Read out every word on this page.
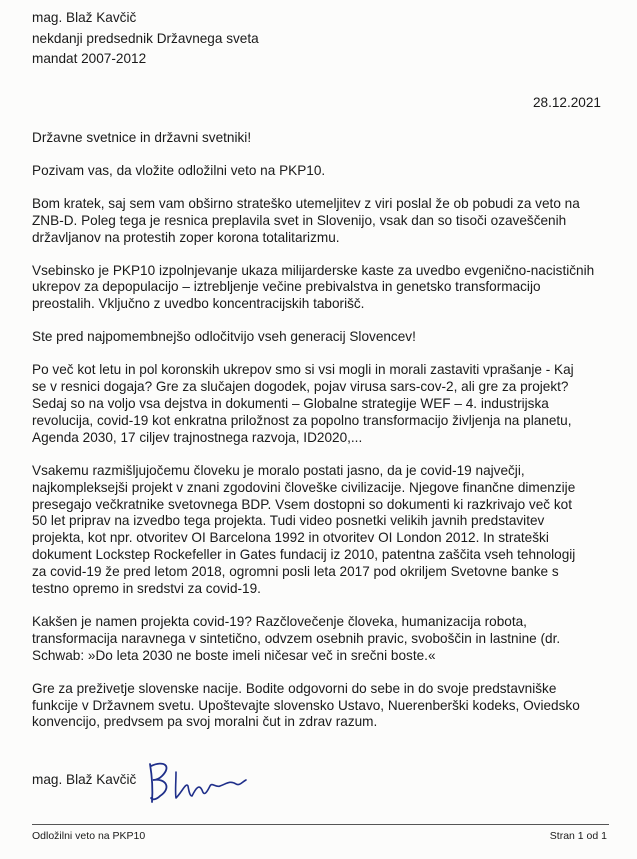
mag. Blaž Kavčič
nekdanji predsednik Državnega sveta
mandat 2007-2012
28.12.2021

Državne svetnice in državni svetniki!

Pozivam vas, da vložite odložilni veto na PKP10.

Bom kratek, saj sem vam obširno strateško utemeljitev z viri poslal že ob pobudi za veto na
ZNB-D. Poleg tega je resnica preplavila svet in Slovenijo, vsak dan so tisoči ozaveščenih
državljanov na protestih zoper korona totalitarizmu.

Vsebinsko je PKP10 izpolnjevanje ukaza milijarderske kaste za uvedbo evgenično-nacističnih
ukrepov za depopulacijo – iztrebljenje večine prebivalstva in genetsko transformacijo
preostalih. Vključno z uvedbo koncentracijskih taborišč.

Ste pred najpomembnejšo odločitvijo vseh generacij Slovencev!

Po več kot letu in pol koronskih ukrepov smo si vsi mogli in morali zastaviti vprašanje - Kaj
se v resnici dogaja? Gre za slučajen dogodek, pojav virusa sars-cov-2, ali gre za projekt?
Sedaj so na voljo vsa dejstva in dokumenti – Globalne strategije WEF – 4. industrijska
revolucija, covid-19 kot enkratna priložnost za popolno transformacijo življenja na planetu,
Agenda 2030, 17 ciljev trajnostnega razvoja, ID2020,...

Vsakemu razmišljujočemu človeku je moralo postati jasno, da je covid-19 največji,
najkompleksejši projekt v znani zgodovini človeške civilizacije. Njegove finančne dimenzije
presegajo večkratnike svetovnega BDP. Vsem dostopni so dokumenti ki razkrivajo več kot
50 let priprav na izvedbo tega projekta. Tudi video posnetki velikih javnih predstavitev
projekta, kot npr. otvoritev OI Barcelona 1992 in otvoritev OI London 2012. In strateški
dokument Lockstep Rockefeller in Gates fundacij iz 2010, patentna zaščita vseh tehnologij
za covid-19 že pred letom 2018, ogromni posli leta 2017 pod okriljem Svetovne banke s
testno opremo in sredstvi za covid-19.

Kakšen je namen projekta covid-19? Razčlovečenje človeka, humanizacija robota,
transformacija naravnega v sintetično, odvzem osebnih pravic, svoboščin in lastnine (dr.
Schwab: »Do leta 2030 ne boste imeli ničesar več in srečni boste.«

Gre za preživetje slovenske nacije. Bodite odgovorni do sebe in do svoje predstavniške
funkcije v Državnem svetu. Upoštevajte slovensko Ustavo, Nuerenberški kodeks, Oviedsko
konvencijo, predvsem pa svoj moralni čut in zdrav razum.

mag. Blaž Kavčič
Odložilni veto na PKP10	Stran 1 od 1
